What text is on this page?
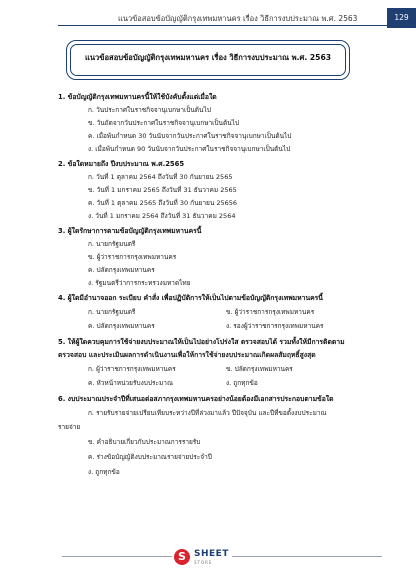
แนวข้อสอบข้อบัญญัติกรุงเทพมหานคร เรื่อง วิธีการงบประมาณ พ.ศ. 2563	129
แนวข้อสอบข้อบัญญัติกรุงเทพมหานคร เรื่อง วิธีการงบประมาณ พ.ศ. 2563
1. ข้อบัญญัติกรุงเทพมหานครนี้ให้ใช้บังคับตั้งแต่เมื่อใด
ก. วันประกาศในราชกิจจานุเบกษาเป็นต้นไป
ข. วันถัดจากวันประกาศในราชกิจจานุเบกษาเป็นต้นไป
ค. เมื่อพ้นกำหนด 30 วันนับจากวันประกาศในราชกิจจานุเบกษาเป็นต้นไป
ง. เมื่อพ้นกำหนด 90 วันนับจากวันประกาศในราชกิจจานุเบกษาเป็นต้นไป
2. ข้อใดหมายถึง ปีงบประมาณ พ.ศ.2565
ก. วันที่ 1 ตุลาคม 2564 ถึงวันที่ 30 กันยายน 2565
ข. วันที่ 1 มกราคม 2565 ถึงวันที่ 31 ธันวาคม 2565
ค. วันที่ 1 ตุลาคม 2565 ถึงวันที่ 30 กันยายน 25656
ง. วันที่ 1 มกราคม 2564 ถึงวันที่ 31 ธันวาคม 2564
3. ผู้ใดรักษาการตามข้อบัญญัติกรุงเทพมหานครนี้
ก. นายกรัฐมนตรี
ข. ผู้ว่าราชการกรุงเทพมหานคร
ค. ปลัดกรุงเทพมหานคร
ง. รัฐมนตรีว่าการกระทรวงมหาดไทย
4. ผู้ใดมีอำนาจออก ระเบียบ คำสั่ง เพื่อปฏิบัติการให้เป็นไปตามข้อบัญญัติกรุงเทพมหานครนี้
ก. นายกรัฐมนตรี	ข. ผู้ว่าราชการกรุงเทพมหานคร
ค. ปลัดกรุงเทพมหานคร	ง. รองผู้ว่าราชการกรุงเทพมหานคร
5. ให้ผู้ใดควบคุมการใช้จ่ายงบประมาณให้เป็นไปอย่างโปร่งใส ตรวจสอบได้ รวมทั้งให้มีการติดตาม
ตรวจสอบ และประเมินผลการดำเนินงานเพื่อให้การใช้จ่ายงบประมาณเกิดผลสัมฤทธิ์สูงสุด
ก. ผู้ว่าราชการกรุงเทพมหานคร	ข. ปลัดกรุงเทพมหานคร
ค. หัวหน้าหน่วยรับงบประมาณ	ง. ถูกทุกข้อ
6. งบประมาณประจำปีที่เสนอต่อสภากรุงเทพมหานครอย่างน้อยต้องมีเอกสารประกอบตามข้อใด
ก. รายรับรายจ่ายเปรียบเทียบระหว่างปีที่ล่วงมาแล้ว ปีปัจจุบัน และปีที่ขอตั้งงบประมาณ
รายจ่าย
ข. คำอธิบายเกี่ยวกับประมาณการรายรับ
ค. ร่างข้อบัญญัติงบประมาณรายจ่ายประจำปี
ง. ถูกทุกข้อ
S SHEET
STORE
